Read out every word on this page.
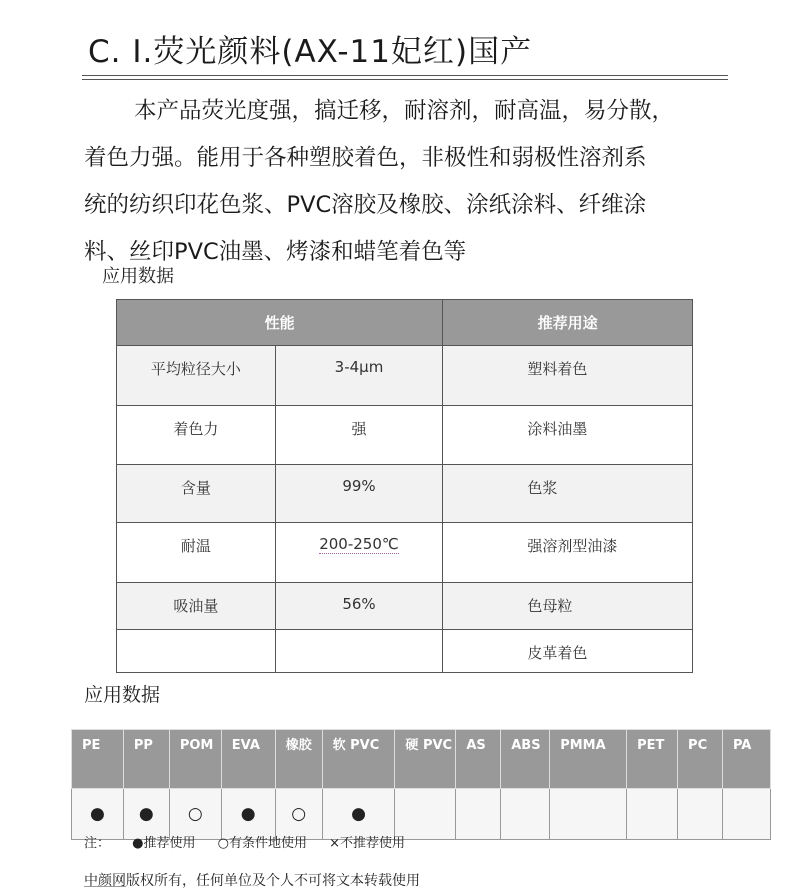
C. I.荧光颜料(AX-11妃红)国产
本产品荧光度强，搞迁移，耐溶剂，耐高温，易分散，
着色力强。能用于各种塑胶着色，非极性和弱极性溶剂系
统的纺织印花色浆、PVC溶胶及橡胶、涂纸涂料、纤维涂
料、丝印PVC油墨、烤漆和蜡笔着色等
应用数据
性能		推荐用途
平均粒径大小	3-4μm	塑料着色
着色力	强	涂料油墨
含量	99%	色浆
耐温	200-250℃	强溶剂型油漆
吸油量	56%	色母粒
		皮革着色
应用数据
PE	PP	POM	EVA	橡胶	软 PVC	硬 PVC	AS	ABS	PMMA	PET	PC	PA
●	●	○	●	○	●							
注： ●推荐使用 ○有条件地使用 ×不推荐使用
中颜网版权所有，任何单位及个人不可将文本转载使用
